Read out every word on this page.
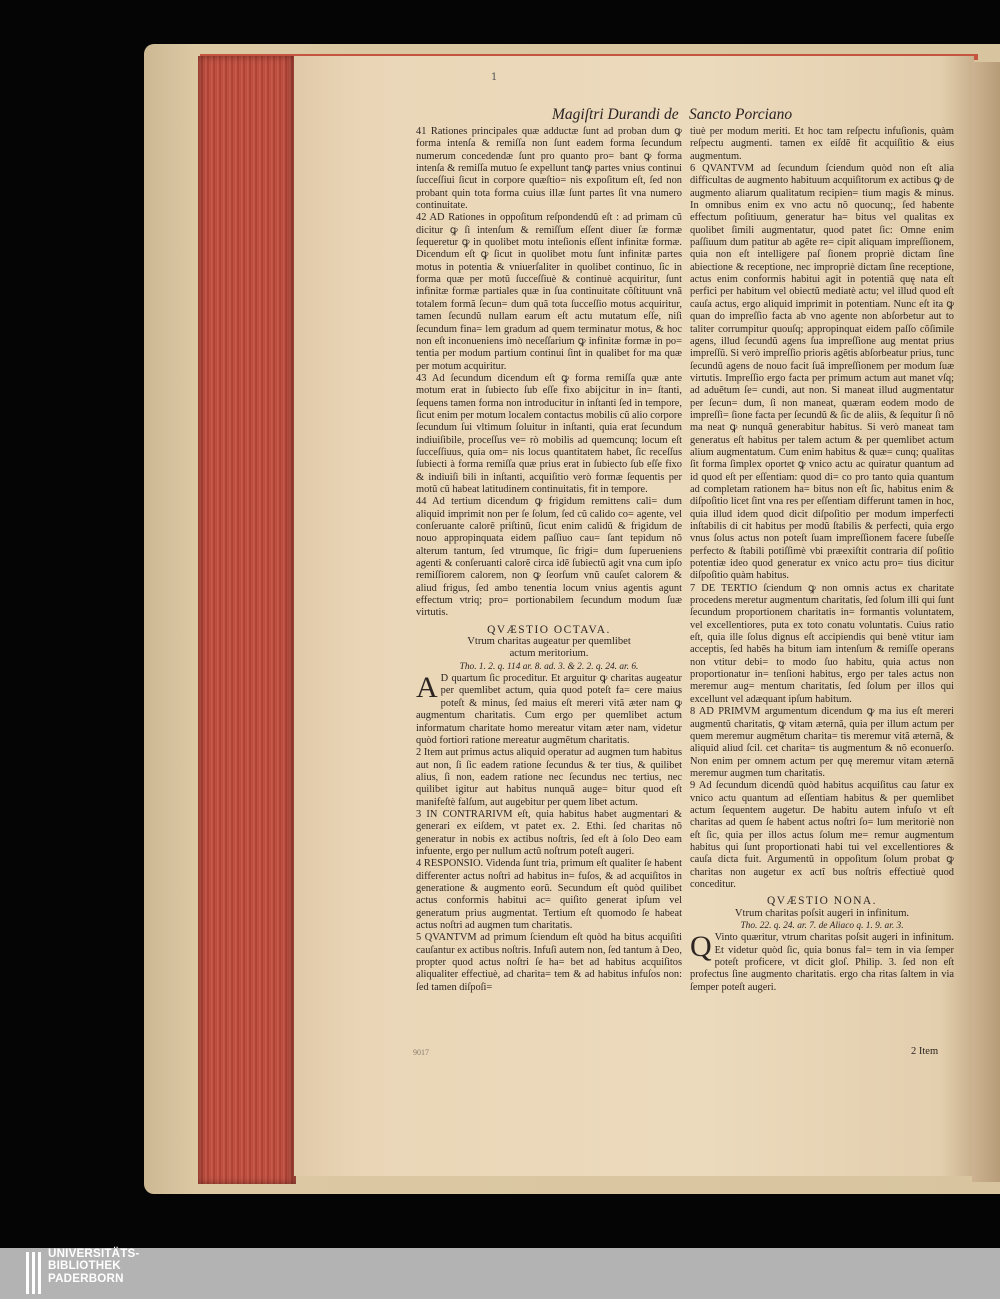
1
Magiſtri Durandi de Sancto Porciano

41 Rationes principales quæ adductæ ſunt ad proban dum ꝙ forma intenſa & remiſſa non ſunt eadem forma ſecundum numerum concedendæ ſunt pro quanto pro= bant ꝙ forma intenſa & remiſſa mutuo ſe expellunt tanꝙ partes vnius continui ſucceſſiui ſicut in corpore quæſtio= nis expoſitum eſt, ſed non probant quin tota forma cuius illæ ſunt partes ſit vna numero continuitate.

42 AD Rationes in oppoſitum reſpondendũ eſt : ad primam cũ dicitur ꝙ ſi intenſum & remiſſum eſſent diuer ſæ formæ ſequeretur ꝙ in quolibet motu inteſionis eſſent infinitæ formæ. Dicendum eſt ꝙ ſicut in quolibet motu ſunt infinitæ partes motus in potentia & vniuerſaliter in quolibet continuo, ſic in forma quæ per motũ ſucceſſiuè & continuè acquiritur, ſunt infinitæ formæ partiales quæ in ſua continuitate cõſtituunt vnã totalem formã ſecun= dum quã tota ſucceſſio motus acquiritur, tamen ſecundũ nullam earum eſt actu mutatum eſſe, niſi ſecundum fina= lem gradum ad quem terminatur motus, & hoc non eſt inconueniens imò neceſſarium ꝙ infinitæ formæ in po= tentia per modum partium continui ſint in qualibet for ma quæ per motum acquiritur.

43 Ad ſecundum dicendum eſt ꝙ forma remiſſa quæ ante motum erat in ſubiecto ſub eſſe fixo abijcitur in in= ſtanti, ſequens tamen forma non introducitur in inſtanti ſed in tempore, ſicut enim per motum localem contactus mobilis cũ alio corpore ſecundum ſui vltimum ſoluitur in inſtanti, quia erat ſecundum indiuiſibile, proceſſus ve= rò mobilis ad quemcunq; locum eſt ſucceſſiuus, quia om= nis locus quantitatem habet, ſic receſſus ſubiecti à forma remiſſa quæ prius erat in ſubiecto ſub eſſe fixo & indiuiſi bili in inſtanti, acquiſitio verò formæ ſequentis per motũ cũ habeat latitudinem continuitatis, fit in tempore.

44 Ad tertium dicendum ꝙ frigidum remittens cali= dum aliquid imprimit non per ſe ſolum, ſed cũ calido co= agente, vel conſeruante calorẽ priſtinũ, ſicut enim calidũ & frigidum de nouo appropinquata eidem paſſiuo cau= ſant tepidum nõ alterum tantum, ſed vtrumque, ſic frigi= dum ſuperueniens agenti & conſeruanti calorẽ circa idẽ ſubiectũ agit vna cum ipſo remiſſiorem calorem, non ꝙ ſeorſum vnũ cauſet calorem & aliud frigus, ſed ambo tenentia locum vnius agentis agunt effectum vtriq; pro= portionabilem ſecundum modum ſuæ virtutis.

QVÆSTIO OCTAVA.
Vtrum charitas augeatur per quemlibet
actum meritorium.
Tho. 1. 2. q. 114 ar. 8. ad. 3. & 2. 2. q. 24. ar. 6.

A D quartum ſic proceditur. Et arguitur ꝙ charitas augeatur per quemlibet actum, quia quod poteſt fa= cere maius poteſt & minus, ſed maius eſt mereri vitã æter nam ꝙ augmentum charitatis. Cum ergo per quemlibet actum informatum charitate homo mereatur vitam æter nam, videtur quòd fortiori ratione mereatur augmẽtum charitatis.

2 Item aut primus actus aliquid operatur ad augmen tum habitus aut non, ſi ſic eadem ratione ſecundus & ter tius, & quilibet alius, ſi non, eadem ratione nec ſecundus nec tertius, nec quilibet igitur aut habitus nunquã auge= bitur quod eſt manifeſtè falſum, aut augebitur per quem libet actum.

3 IN CONTRARIVM eſt, quia habitus habet augmentari & generari ex eiſdem, vt patet ex. 2. Ethi. ſed charitas nõ generatur in nobis ex actibus noſtris, ſed eſt à ſolo Deo eam infuente, ergo per nullum actũ noſtrum poteſt augeri.

4 RESPONSIO. Videnda ſunt tria, primum eſt qualiter ſe habent differenter actus noſtri ad habitus in= fuſos, & ad acquiſitos in generatione & augmento eorũ. Secundum eſt quòd quilibet actus conformis habitui ac= quiſito generat ipſum vel generatum prius augmentat. Tertium eſt quomodo ſe habeat actus noſtri ad augmen tum charitatis.

5 QVANTVM ad primum ſciendum eſt quòd ha bitus acquiſiti cauſantur ex actibus noſtris. Infuſi autem non, ſed tantum à Deo, propter quod actus noſtri ſe ha= bet ad habitus acquiſitos aliqualiter effectiuè, ad charita= tem & ad habitus infuſos non: ſed tamen diſpoſi=

tiuè per modum meriti. Et hoc tam reſpectu infuſionis, quàm reſpectu augmenti. tamen ex eiſdẽ fit acquiſitio & eius augmentum.

6 QVANTVM ad ſecundum ſciendum quòd non eſt alia difficultas de augmento habituum acquiſitorum ex actibus ꝙ de augmento aliarum qualitatum recipien= tium magis & minus. In omnibus enim ex vno actu nõ quocunq;, ſed habente effectum poſitiuum, generatur ha= bitus vel qualitas ex quolibet ſimili augmentatur, quod patet ſic: Omne enim paſſiuum dum patitur ab agẽte re= cipit aliquam impreſſionem, quia non eſt intelligere paſ ſionem propriè dictam ſine abiectione & receptione, nec impropriè dictam ſine receptione, actus enim conformis habitui agit in potentiã quę nata eſt perfici per habitum vel obiectũ mediatè actu; vel illud quod eſt cauſa actus, ergo aliquid imprimit in potentiam. Nunc eſt ita ꝙ quan do impreſſio facta ab vno agente non abſorbetur aut to taliter corrumpitur quouſq; appropinquat eidem paſſo cõſimile agens, illud ſecundũ agens ſua impreſſione aug mentat prius impreſſũ. Si verò impreſſio prioris agẽtis abſorbeatur prius, tunc ſecundũ agens de nouo facit ſuã impreſſionem per modum ſuæ virtutis. Impreſſio ergo facta per primum actum aut manet vſq; ad aduẽtum ſe= cundi, aut non. Si maneat illud augmentatur per ſecun= dum, ſi non maneat, quæram eodem modo de impreſſi= ſione facta per ſecundũ & ſic de aliis, & ſequitur ſi nõ ma neat ꝙ nunquã generabitur habitus. Si verò maneat tam generatus eſt habitus per talem actum & per quemlibet actum alium augmentatum. Cum enim habitus & quæ= cunq; qualitas ſit forma ſimplex oportet ꝙ vnico actu ac quiratur quantum ad id quod eſt per eſſentiam: quod di= co pro tanto quia quantum ad completam rationem ha= bitus non eſt ſic, habitus enim & diſpoſitio licet ſint vna res per eſſentiam differunt tamen in hoc, quia illud idem quod dicit diſpoſitio per modum imperfecti inſtabilis di cit habitus per modũ ſtabilis & perfecti, quia ergo vnus ſolus actus non poteſt ſuam impreſſionem facere ſubeſſe perfecto & ſtabili potiſſimè vbi præexiſtit contraria diſ poſitio potentiæ ideo quod generatur ex vnico actu pro= tius dicitur diſpoſitio quàm habitus.

7 DE TERTIO ſciendum ꝙ non omnis actus ex charitate procedens meretur augmentum charitatis, ſed ſolum illi qui ſunt ſecundum proportionem charitatis in= formantis voluntatem, vel excellentiores, puta ex toto conatu voluntatis. Cuius ratio eſt, quia ille ſolus dignus eſt accipiendis qui benè vtitur iam acceptis, ſed habẽs ha bitum iam intenſum & remiſſe operans non vtitur debi= to modo ſuo habitu, quia actus non proportionatur in= tenſioni habitus, ergo per tales actus non meremur aug= mentum charitatis, ſed ſolum per illos qui excellunt vel adæquant ipſum habitum.

8 AD PRIMVM argumentum dicendum ꝙ ma ius eſt mereri augmentũ charitatis, ꝙ vitam æternã, quia per illum actum per quem meremur augmẽtum charita= tis meremur vitã æternã, & aliquid aliud ſcil. cet charita= tis augmentum & nõ econuerſo. Non enim per omnem actum per quę meremur vitam æternã meremur augmen tum charitatis.

9 Ad ſecundum dicendũ quòd habitus acquiſitus cau ſatur ex vnico actu quantum ad eſſentiam habitus & per quemlibet actum ſequentem augetur. De habitu autem infuſo vt eſt charitas ad quem ſe habent actus noſtri ſo= lum meritoriè non eſt ſic, quia per illos actus ſolum me= remur augmentum habitus qui ſunt proportionati habi tui vel excellentiores & cauſa dicta fuit. Argumentũ in oppoſitum ſolum probat ꝙ charitas non augetur ex actĩ bus noſtris effectiuè quod conceditur.

QVÆSTIO NONA.
Vtrum charitas poſsit augeri in infinitum.
Tho. 22. q. 24. ar. 7. de Aliaco q. 1. 9. ar. 3.

Q Vinto quæritur, vtrum charitas poſsit augeri in infinitum. Et videtur quòd ſic, quia bonus fal= tem in via ſemper poteſt proficere, vt dicit gloſ. Philip. 3. ſed non eſt profectus ſine augmento charitatis. ergo cha ritas ſaltem in via ſemper poteſt augeri.

9017	2 Item
UNIVERSITÄTS-
BIBLIOTHEK
PADERBORN
